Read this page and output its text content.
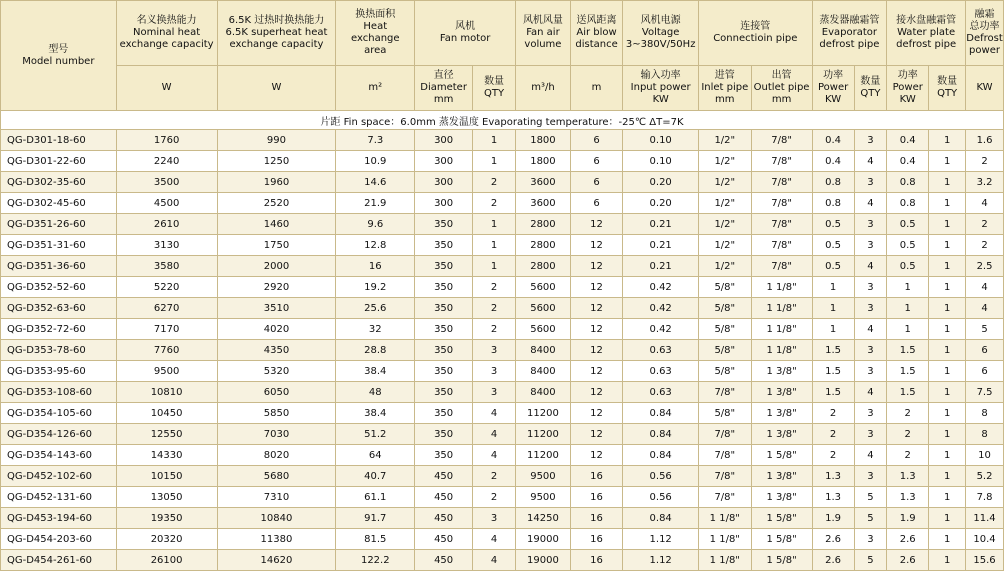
型号
Model number	名义换热能力
Nominal heat
exchange capacity	6.5K 过热时换热能力
6.5K superheat heat
exchange capacity	换热面积
Heat
exchange
area	风机
Fan motor		风机风量
Fan air
volume	送风距离
Air blow
distance	风机电源
Voltage
3~380V/50Hz	连接管
Connectioin pipe		蒸发器融霜管
Evaporator
defrost pipe		接水盘融霜管
Water plate
defrost pipe		融霜
总功率
Defrost
power

	W	W	m²	直径
Diameter
mm	数量
QTY	m³/h	m	输入功率
Input power
KW	进管
Inlet pipe
mm	出管
Outlet pipe
mm	功率
Power
KW	数量
QTY	功率
Power
KW	数量
QTY	KW
片距 Fin space：6.0mm 蒸发温度 Evaporating temperature：-25℃ ΔT=7K															
QG-D301-18-60	1760	990	7.3	300	1	1800	6	0.10	1/2"	7/8"	0.4	3	0.4	1	1.6
QG-D301-22-60	2240	1250	10.9	300	1	1800	6	0.10	1/2"	7/8"	0.4	4	0.4	1	2
QG-D302-35-60	3500	1960	14.6	300	2	3600	6	0.20	1/2"	7/8"	0.8	3	0.8	1	3.2
QG-D302-45-60	4500	2520	21.9	300	2	3600	6	0.20	1/2"	7/8"	0.8	4	0.8	1	4
QG-D351-26-60	2610	1460	9.6	350	1	2800	12	0.21	1/2"	7/8"	0.5	3	0.5	1	2
QG-D351-31-60	3130	1750	12.8	350	1	2800	12	0.21	1/2"	7/8"	0.5	3	0.5	1	2
QG-D351-36-60	3580	2000	16	350	1	2800	12	0.21	1/2"	7/8"	0.5	4	0.5	1	2.5
QG-D352-52-60	5220	2920	19.2	350	2	5600	12	0.42	5/8"	1 1/8"	1	3	1	1	4
QG-D352-63-60	6270	3510	25.6	350	2	5600	12	0.42	5/8"	1 1/8"	1	3	1	1	4
QG-D352-72-60	7170	4020	32	350	2	5600	12	0.42	5/8"	1 1/8"	1	4	1	1	5
QG-D353-78-60	7760	4350	28.8	350	3	8400	12	0.63	5/8"	1 1/8"	1.5	3	1.5	1	6
QG-D353-95-60	9500	5320	38.4	350	3	8400	12	0.63	5/8"	1 3/8"	1.5	3	1.5	1	6
QG-D353-108-60	10810	6050	48	350	3	8400	12	0.63	7/8"	1 3/8"	1.5	4	1.5	1	7.5
QG-D354-105-60	10450	5850	38.4	350	4	11200	12	0.84	5/8"	1 3/8"	2	3	2	1	8
QG-D354-126-60	12550	7030	51.2	350	4	11200	12	0.84	7/8"	1 3/8"	2	3	2	1	8
QG-D354-143-60	14330	8020	64	350	4	11200	12	0.84	7/8"	1 5/8"	2	4	2	1	10
QG-D452-102-60	10150	5680	40.7	450	2	9500	16	0.56	7/8"	1 3/8"	1.3	3	1.3	1	5.2
QG-D452-131-60	13050	7310	61.1	450	2	9500	16	0.56	7/8"	1 3/8"	1.3	5	1.3	1	7.8
QG-D453-194-60	19350	10840	91.7	450	3	14250	16	0.84	1 1/8"	1 5/8"	1.9	5	1.9	1	11.4
QG-D454-203-60	20320	11380	81.5	450	4	19000	16	1.12	1 1/8"	1 5/8"	2.6	3	2.6	1	10.4
QG-D454-261-60	26100	14620	122.2	450	4	19000	16	1.12	1 1/8"	1 5/8"	2.6	5	2.6	1	15.6
